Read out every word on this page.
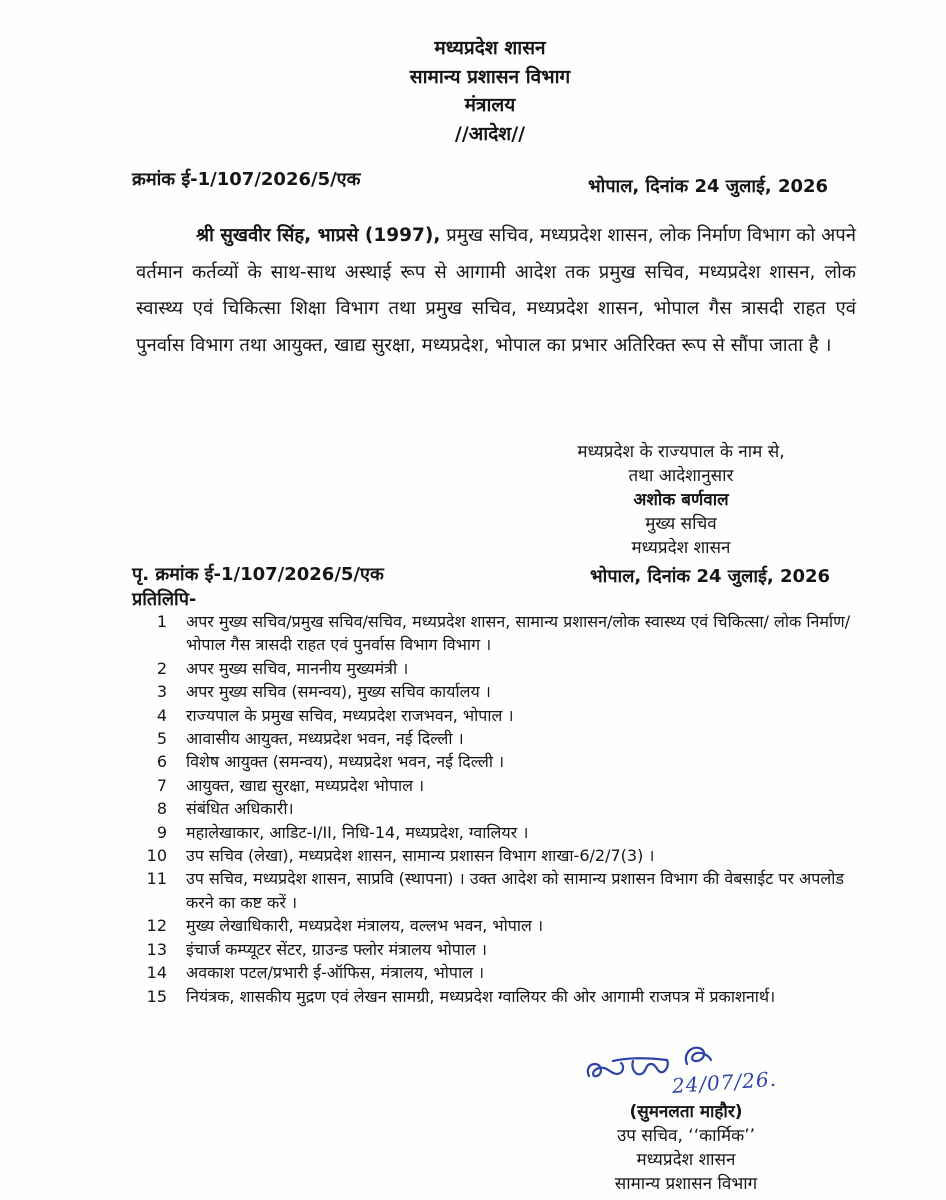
मध्यप्रदेश शासन
सामान्य प्रशासन विभाग
मंत्रालय
//आदेश//
क्रमांक ई-1/107/2026/5/एक	भोपाल, दिनांक 24 जुलाई, 2026

श्री सुखवीर सिंह, भाप्रसे (1997), प्रमुख सचिव, मध्यप्रदेश शासन, लोक निर्माण विभाग को अपने वर्तमान कर्तव्यों के साथ-साथ अस्थाई रूप से आगामी आदेश तक प्रमुख सचिव, मध्यप्रदेश शासन, लोक स्वास्थ्य एवं चिकित्सा शिक्षा विभाग तथा प्रमुख सचिव, मध्यप्रदेश शासन, भोपाल गैस त्रासदी राहत एवं पुनर्वास विभाग तथा आयुक्त, खाद्य सुरक्षा, मध्यप्रदेश, भोपाल का प्रभार अतिरिक्त रूप से सौंपा जाता है ।

मध्यप्रदेश के राज्यपाल के नाम से,
तथा आदेशानुसार
अशोक बर्णवाल
मुख्य सचिव
मध्यप्रदेश शासन
पृ. क्रमांक ई-1/107/2026/5/एक	भोपाल, दिनांक 24 जुलाई, 2026
प्रतिलिपि-
1 अपर मुख्य सचिव/प्रमुख सचिव/सचिव, मध्यप्रदेश शासन, सामान्य प्रशासन/लोक स्वास्थ्य एवं चिकित्सा/ लोक निर्माण/ भोपाल गैस त्रासदी राहत एवं पुनर्वास विभाग विभाग ।
2 अपर मुख्य सचिव, माननीय मुख्यमंत्री ।
3 अपर मुख्य सचिव (समन्वय), मुख्य सचिव कार्यालय ।
4 राज्यपाल के प्रमुख सचिव, मध्यप्रदेश राजभवन, भोपाल ।
5 आवासीय आयुक्त, मध्यप्रदेश भवन, नई दिल्ली ।
6 विशेष आयुक्त (समन्वय), मध्यप्रदेश भवन, नई दिल्ली ।
7 आयुक्त, खाद्य सुरक्षा, मध्यप्रदेश भोपाल ।
8 संबंधित अधिकारी।
9 महालेखाकार, आडिट-I/II, निधि-14, मध्यप्रदेश, ग्वालियर ।
10 उप सचिव (लेखा), मध्यप्रदेश शासन, सामान्य प्रशासन विभाग शाखा-6/2/7(3) ।
11 उप सचिव, मध्यप्रदेश शासन, साप्रवि (स्थापना) । उक्त आदेश को सामान्य प्रशासन विभाग की वेबसाईट पर अपलोड करने का कष्ट करें ।
12 मुख्य लेखाधिकारी, मध्यप्रदेश मंत्रालय, वल्लभ भवन, भोपाल ।
13 इंचार्ज कम्प्यूटर सेंटर, ग्राउन्ड फ्लोर मंत्रालय भोपाल ।
14 अवकाश पटल/प्रभारी ई-ऑफिस, मंत्रालय, भोपाल ।
15 नियंत्रक, शासकीय मुद्रण एवं लेखन सामग्री, मध्यप्रदेश ग्वालियर की ओर आगामी राजपत्र में प्रकाशनार्थ।
24/07/26.
(सुमनलता माहौर)
उप सचिव, ‘‘कार्मिक’’
मध्यप्रदेश शासन
सामान्य प्रशासन विभाग
